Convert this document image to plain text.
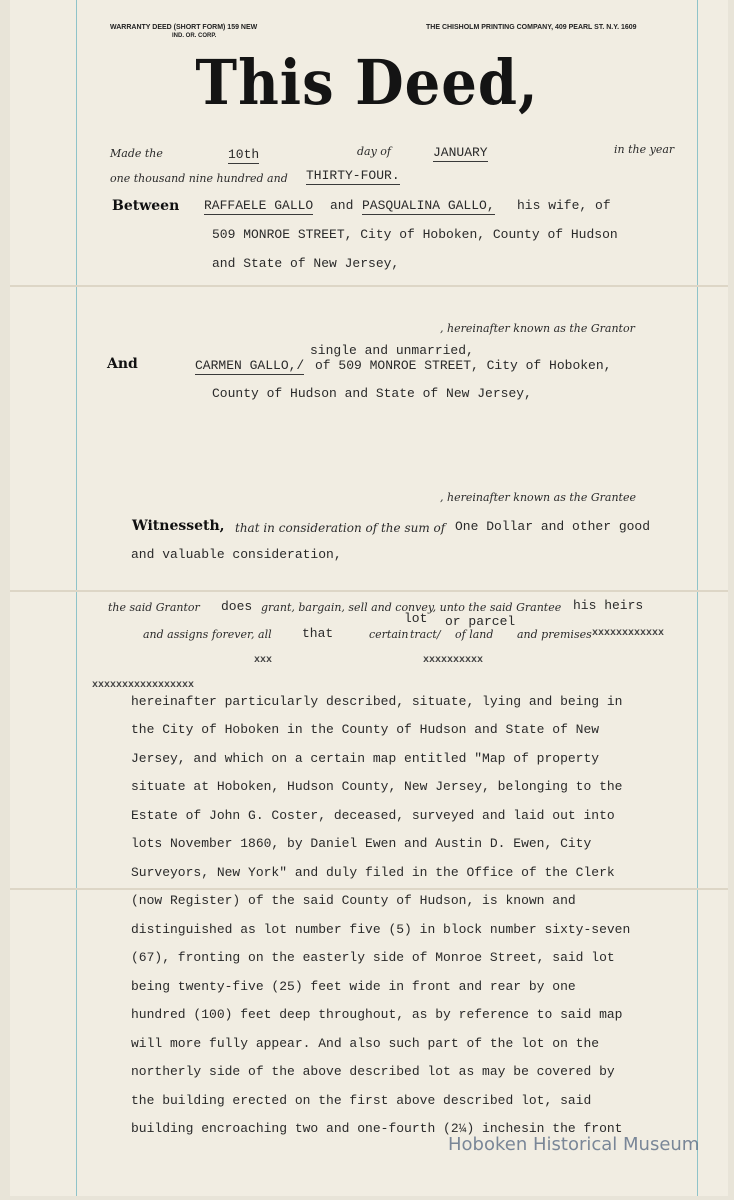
WARRANTY DEED (SHORT FORM) 159 NEW
IND. OR. CORP.
THE CHISHOLM PRINTING COMPANY, 409 PEARL ST. N.Y. 1609
This Deed,
Made the	10th	day of	JANUARY	in the year
one thousand nine hundred and THIRTY-FOUR.
Between RAFFAELE GALLO and PASQUALINA GALLO, his wife, of
509 MONROE STREET, City of Hoboken, County of Hudson
and State of New Jersey,
, hereinafter known as the Grantor
And
single and unmarried,
CARMEN GALLO,/ of 509 MONROE STREET, City of Hoboken,
County of Hudson and State of New Jersey,
, hereinafter known as the Grantee
Witnesseth, that in consideration of the sum of One Dollar and other good
and valuable consideration,
the said Grantor does grant, bargain, sell and convey, unto the said Grantee his heirs
lot or parcel
and assigns forever, all that	certain tract/ of land and premises xxxxxxxxxxxx
xxx	xxxxxxxxxx
xxxxxxxxxxxxxxxxx
hereinafter particularly described, situate, lying and being in
the City of Hoboken in the County of Hudson and State of New
Jersey, and which on a certain map entitled "Map of property
situate at Hoboken, Hudson County, New Jersey, belonging to the
Estate of John G. Coster, deceased, surveyed and laid out into
lots November 1860, by Daniel Ewen and Austin D. Ewen, City
Surveyors, New York" and duly filed in the Office of the Clerk
(now Register) of the said County of Hudson, is known and
distinguished as lot number five (5) in block number sixty-seven
(67), fronting on the easterly side of Monroe Street, said lot
being twenty-five (25) feet wide in front and rear by one
hundred (100) feet deep throughout, as by reference to said map
will more fully appear. And also such part of the lot on the
northerly side of the above described lot as may be covered by
the building erected on the first above described lot, said
building encroaching two and one-fourth (2¼) inchesin the front
Hoboken Historical Museum
